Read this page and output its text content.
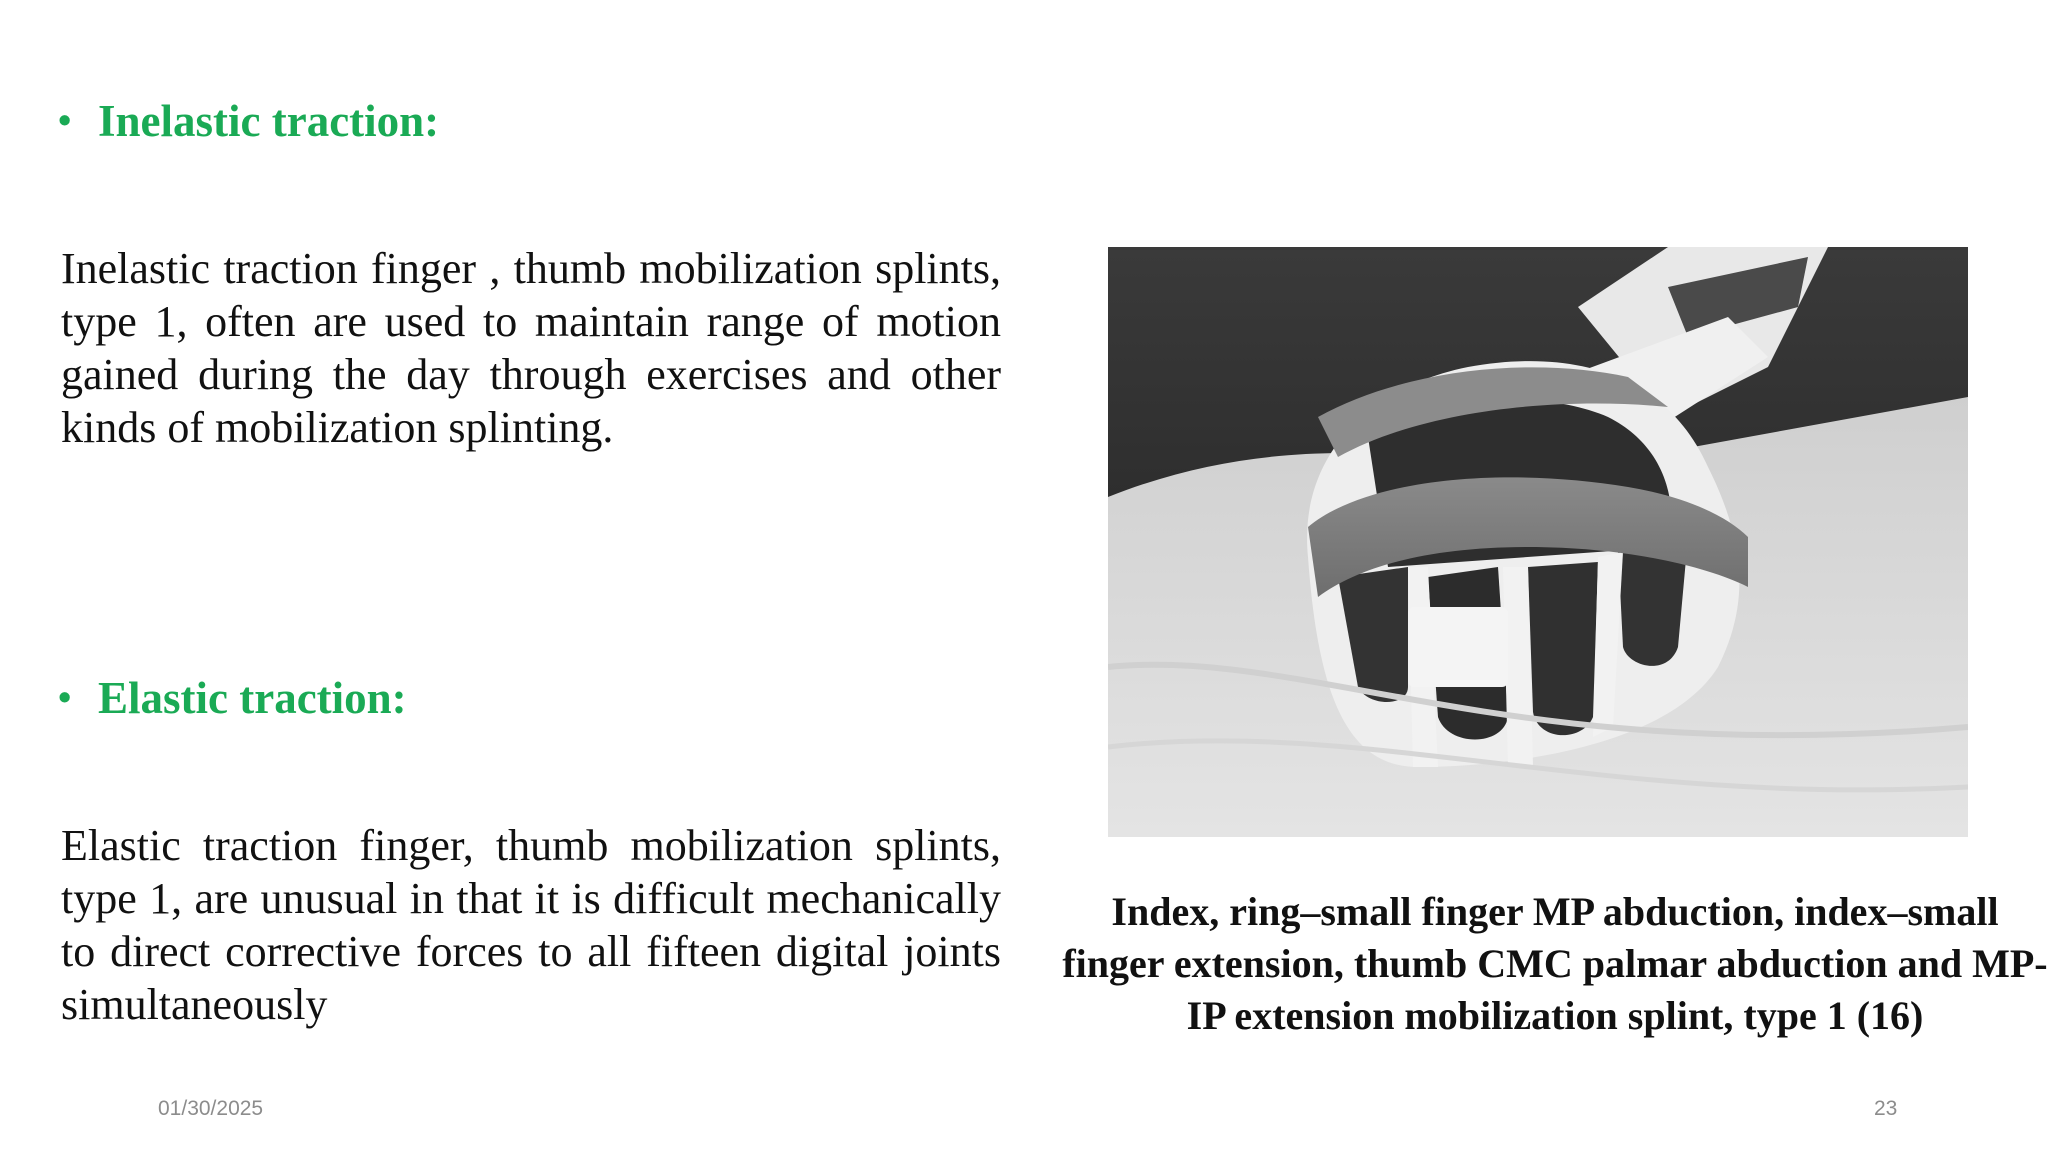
• Inelastic traction:
Inelastic traction finger , thumb mobilization splints, type 1, often are used to maintain range of motion gained during the day through exercises and other kinds of mobilization splinting.
• Elastic traction:
Elastic traction finger, thumb mobilization splints, type 1, are unusual in that it is difficult mechanically to direct corrective forces to all fifteen digital joints simultaneously
Index, ring–small finger MP abduction, index–small finger extension, thumb CMC palmar abduction and MP-IP extension mobilization splint, type 1 (16)
01/30/2025	23
